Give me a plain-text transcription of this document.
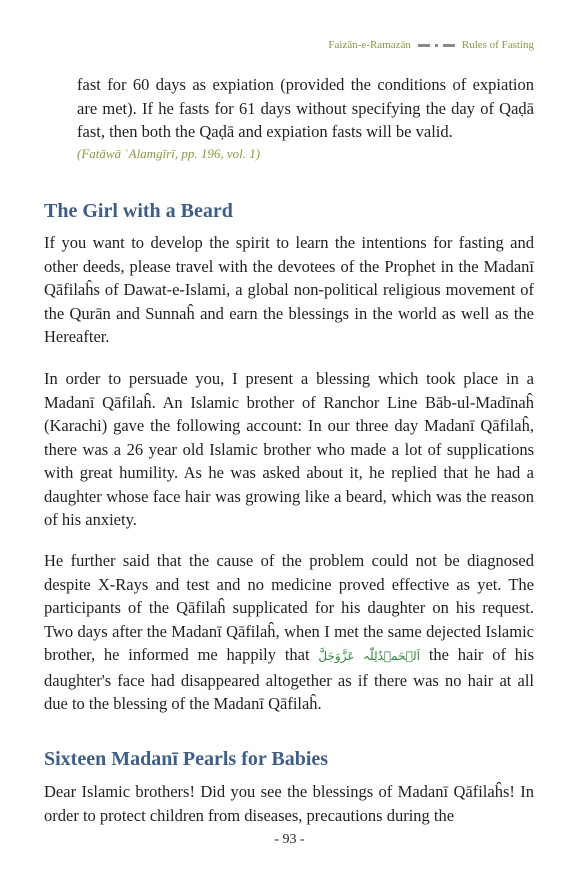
Faizān-e-Ramazān	Rules of Fasting

fast for 60 days as expiation (provided the conditions of expiation are met). If he fasts for 61 days without specifying the day of Qaḍā fast, then both the Qaḍā and expiation fasts will be valid.
(Fatāwā ʿAlamgīrī, pp. 196, vol. 1)

The Girl with a Beard

If you want to develop the spirit to learn the intentions for fasting and other deeds, please travel with the devotees of the Prophet in the Madanī Qāfilaĥs of Dawat-e-Islami, a global non-political religious movement of the Qurān and Sunnaĥ and earn the blessings in the world as well as the Hereafter.

In order to persuade you, I present a blessing which took place in a Madanī Qāfilaĥ. An Islamic brother of Ranchor Line Bāb-ul-Madīnaĥ (Karachi) gave the following account: In our three day Madanī Qāfilaĥ, there was a 26 year old Islamic brother who made a lot of supplications with great humility. As he was asked about it, he replied that he had a daughter whose face hair was growing like a beard, which was the reason of his anxiety.

He further said that the cause of the problem could not be diagnosed despite X-Rays and test and no medicine proved effective as yet. The participants of the Qāfilaĥ supplicated for his daughter on his request. Two days after the Madanī Qāfilaĥ, when I met the same dejected Islamic brother, he informed me happily that اَلۡحَمۡدُلِلّٰہ عَزَّوَجَلَّ the hair of his daughter's face had disappeared altogether as if there was no hair at all due to the blessing of the Madanī Qāfilaĥ.

Sixteen Madanī Pearls for Babies

Dear Islamic brothers! Did you see the blessings of Madanī Qāfilaĥs! In order to protect children from diseases, precautions during the

- 93 -
